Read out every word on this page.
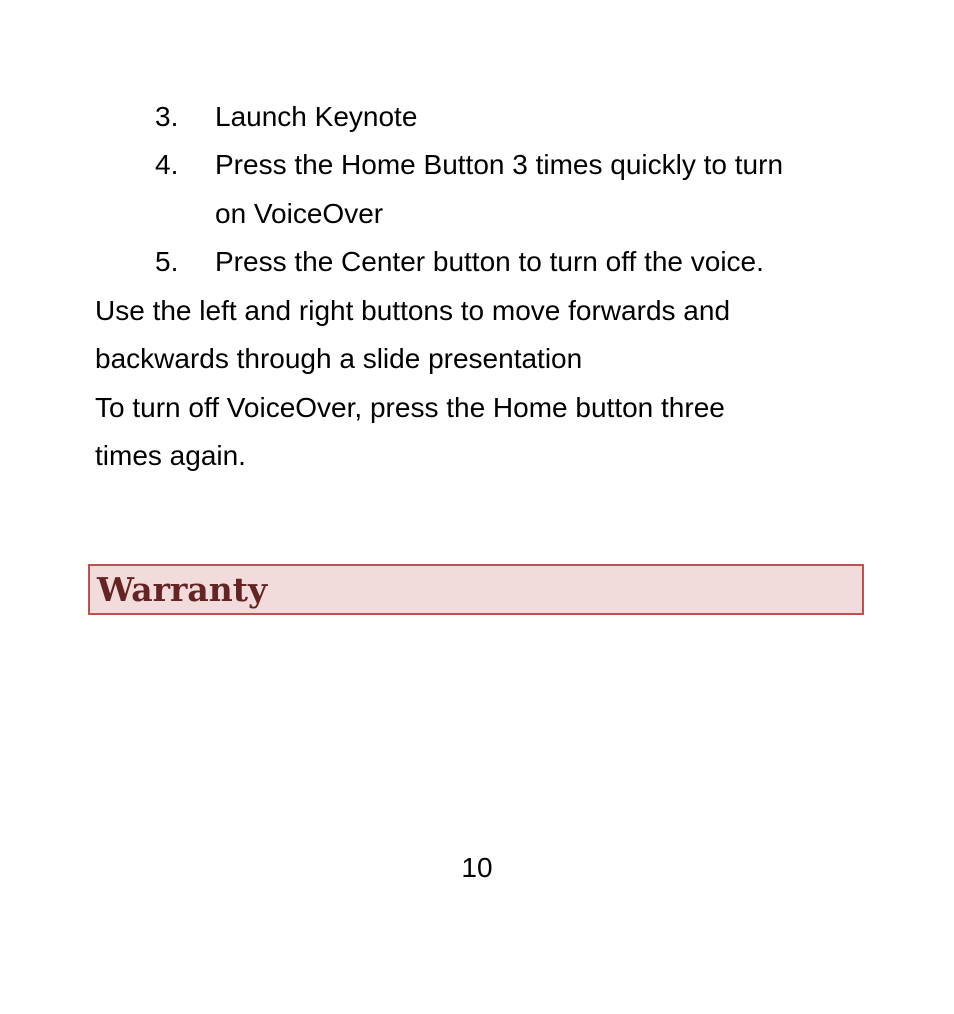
3.	Launch Keynote
4.	Press the Home Button 3 times quickly to turn
on VoiceOver
5.	Press the Center button to turn off the voice.
Use the left and right buttons to move forwards and
backwards through a slide presentation
To turn off VoiceOver, press the Home button three
times again.
Warranty
10
